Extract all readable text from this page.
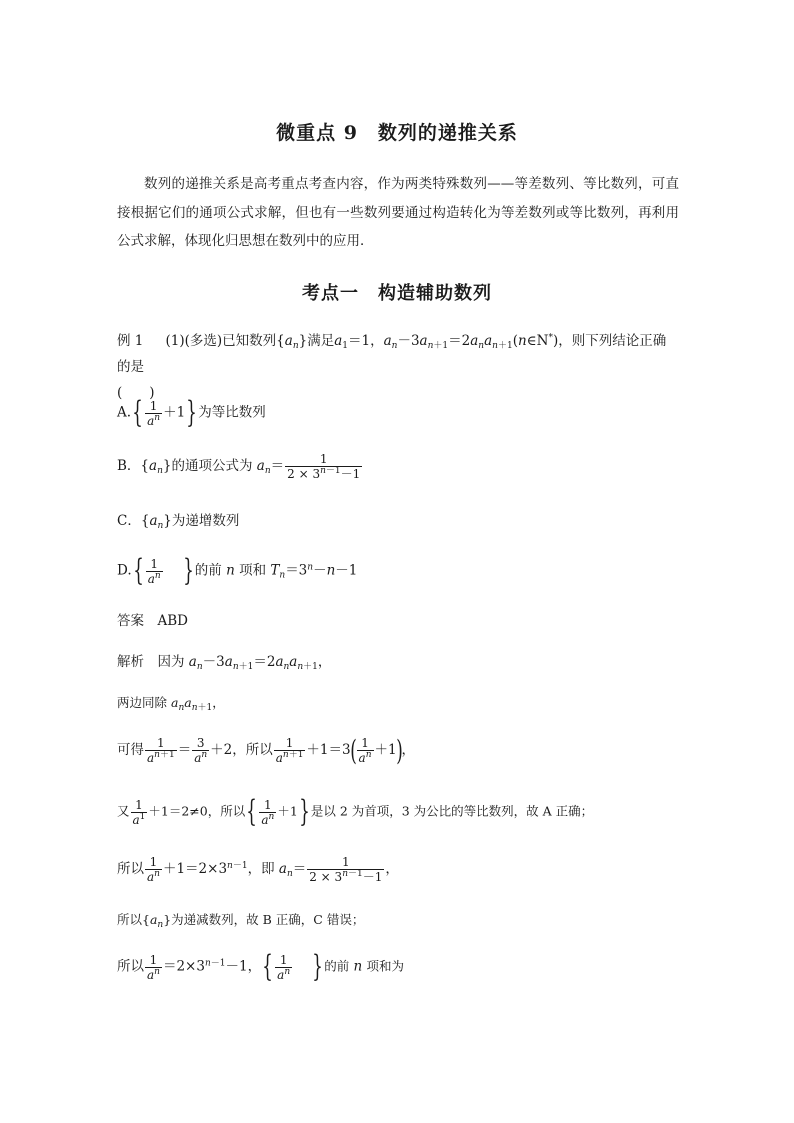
微重点 9　数列的递推关系

数列的递推关系是高考重点考查内容，作为两类特殊数列——等差数列、等比数列，可直接根据它们的通项公式求解，但也有一些数列要通过构造转化为等差数列或等比数列，再利用公式求解，体现化归思想在数列中的应用．

考点一　构造辅助数列
例 1 　 (1)(多选)已知数列$\{a_n\}$满足$a_1=1$，$a_n-3a_{n+1}=2a_na_{n+1}(n\in N^*)$，则下列结论正确的是
(　　)
$A.\{ \frac{1}{a^n} +1\}$为等比数列
B．$\{a_n\}$的通项公式为 $a_n= \frac{1}{2 \times 3^{n-1}-1}$
C．$\{a_n\}$为递增数列
$D.\{ \frac{1}{a^n}$ }的前 n 项和 $T_n=3^n-n-1$
答案　 ABD
解析　 因为 $a_n-3a_{n+1}=2a_na_{n+1}$，
两边同除 $a_na_{n+1}$，
可得 $\frac{1}{a^{n+1}} = \frac{3}{a^n} +2$，所以 $\frac{1}{a^{n+1}} +1=3( \frac{1}{a^n} +1)$，
又 $\frac{1}{a^1} +1=2\ne 0$，所以{ $\frac{1}{a^n} +1$}是以 2 为首项，3 为公比的等比数列，故 A 正确；
所以 $\frac{1}{a^n} +1=2\times 3^{n-1}$，即 $a_n= \frac{1}{2 \times 3^{n-1}-1}$ ，
所以$\{a_n\}$为递减数列，故 B 正确，C 错误；
所以 $\frac{1}{a^n} =2\times 3^{n-1}-1$，{ $\frac{1}{a^n}$ }的前 n 项和为
